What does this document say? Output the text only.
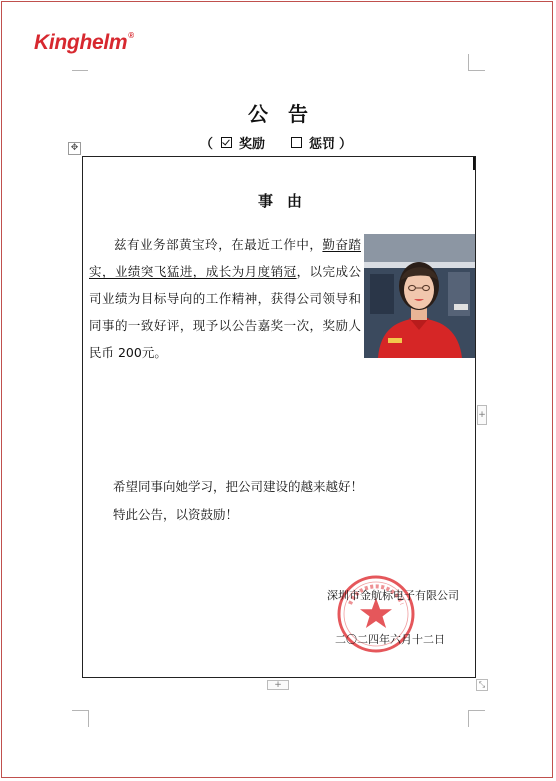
Kinghelm®
公告
（ 奖励	惩罚 ）
✥
事由
兹有业务部黄宝玲，在最近工作中，勤奋踏实，业绩突飞猛进，成长为月度销冠，以完成公司业绩为目标导向的工作精神，获得公司领导和同事的一致好评，现予以公告嘉奖一次，奖励人民币 200元。
希望同事向她学习，把公司建设的越来越好！
特此公告，以资鼓励！
深圳市金航标电子有限公司
二〇二四年六月十二日
+
+	⤡
